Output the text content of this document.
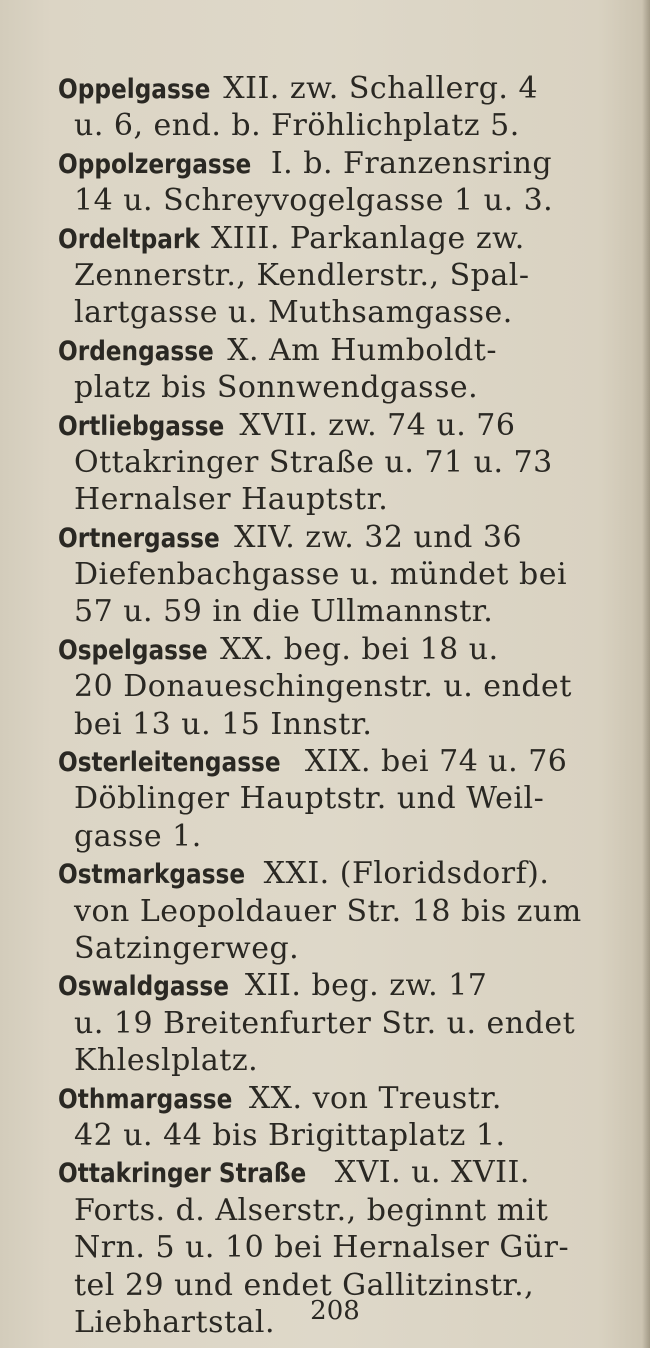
Oppelgasse XII. zw. Schallerg. 4
u. 6, end. b. Fröhlichplatz 5.
Oppolzergasse I. b. Franzensring
14 u. Schreyvogelgasse 1 u. 3.
Ordeltpark XIII. Parkanlage zw.
Zennerstr., Kendlerstr., Spal-
lartgasse u. Muthsamgasse.
Ordengasse X. Am Humboldt-
platz bis Sonnwendgasse.
Ortliebgasse XVII. zw. 74 u. 76
Ottakringer Straße u. 71 u. 73
Hernalser Hauptstr.
Ortnergasse XIV. zw. 32 und 36
Diefenbachgasse u. mündet bei
57 u. 59 in die Ullmannstr.
Ospelgasse XX. beg. bei 18 u.
20 Donaueschingenstr. u. endet
bei 13 u. 15 Innstr.
Osterleitengasse XIX. bei 74 u. 76
Döblinger Hauptstr. und Weil-
gasse 1.
Ostmarkgasse XXI. (Floridsdorf).
von Leopoldauer Str. 18 bis zum
Satzingerweg.
Oswaldgasse XII. beg. zw. 17
u. 19 Breitenfurter Str. u. endet
Khleslplatz.
Othmargasse XX. von Treustr.
42 u. 44 bis Brigittaplatz 1.
Ottakringer Straße XVI. u. XVII.
Forts. d. Alserstr., beginnt mit
Nrn. 5 u. 10 bei Hernalser Gür-
tel 29 und endet Gallitzinstr.,
Liebhartstal.	208
